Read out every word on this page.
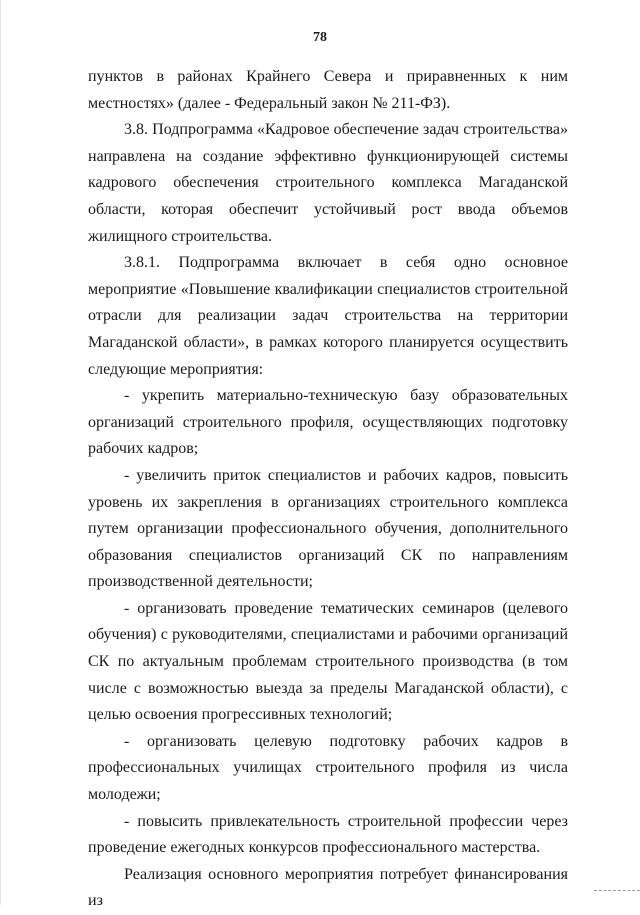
78

пунктов в районах Крайнего Севера и приравненных к ним местностях» (далее - Федеральный закон № 211-ФЗ).

3.8. Подпрограмма «Кадровое обеспечение задач строительства» направлена на создание эффективно функционирующей системы кадрового обеспечения строительного комплекса Магаданской области, которая обеспечит устойчивый рост ввода объемов жилищного строительства.

3.8.1. Подпрограмма включает в себя одно основное мероприятие «Повышение квалификации специалистов строительной отрасли для реализации задач строительства на территории Магаданской области», в рамках которого планируется осуществить следующие мероприятия:

- укрепить материально-техническую базу образовательных организаций строительного профиля, осуществляющих подготовку рабочих кадров;

- увеличить приток специалистов и рабочих кадров, повысить уровень их закрепления в организациях строительного комплекса путем организации профессионального обучения, дополнительного образования специалистов организаций СК по направлениям производственной деятельности;

- организовать проведение тематических семинаров (целевого обучения) с руководителями, специалистами и рабочими организаций СК по актуальным проблемам строительного производства (в том числе с возможностью выезда за пределы Магаданской области), с целью освоения прогрессивных технологий;

- организовать целевую подготовку рабочих кадров в профессиональных училищах строительного профиля из числа молодежи;

- повысить привлекательность строительной профессии через проведение ежегодных конкурсов профессионального мастерства.

Реализация основного мероприятия потребует финансирования из
